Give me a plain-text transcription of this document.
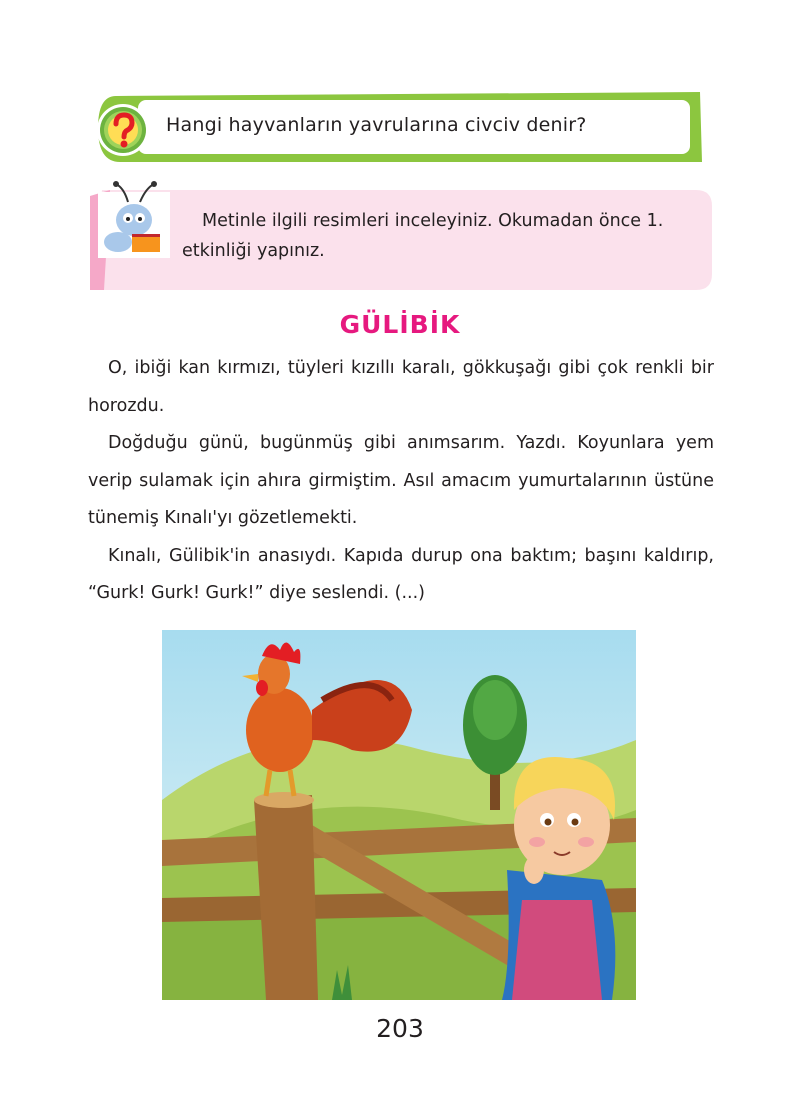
Hangi hayvanların yavrularına civciv denir?
Metinle ilgili resimleri inceleyiniz. Okumadan önce 1. etkinliği yapınız.
GÜLİBİK

O, ibiği kan kırmızı, tüyleri kızıllı karalı, gökkuşağı gibi çok renkli bir horozdu.

Doğduğu günü, bugünmüş gibi anımsarım. Yazdı. Koyunlara yem verip sulamak için ahıra girmiştim. Asıl amacım yumurtalarının üstüne tünemiş Kınalı'yı gözetlemekti.

Kınalı, Gülibik'in anasıydı. Kapıda durup ona baktım; başını kaldırıp, “Gurk! Gurk! Gurk!” diye seslendi. (...)

203
